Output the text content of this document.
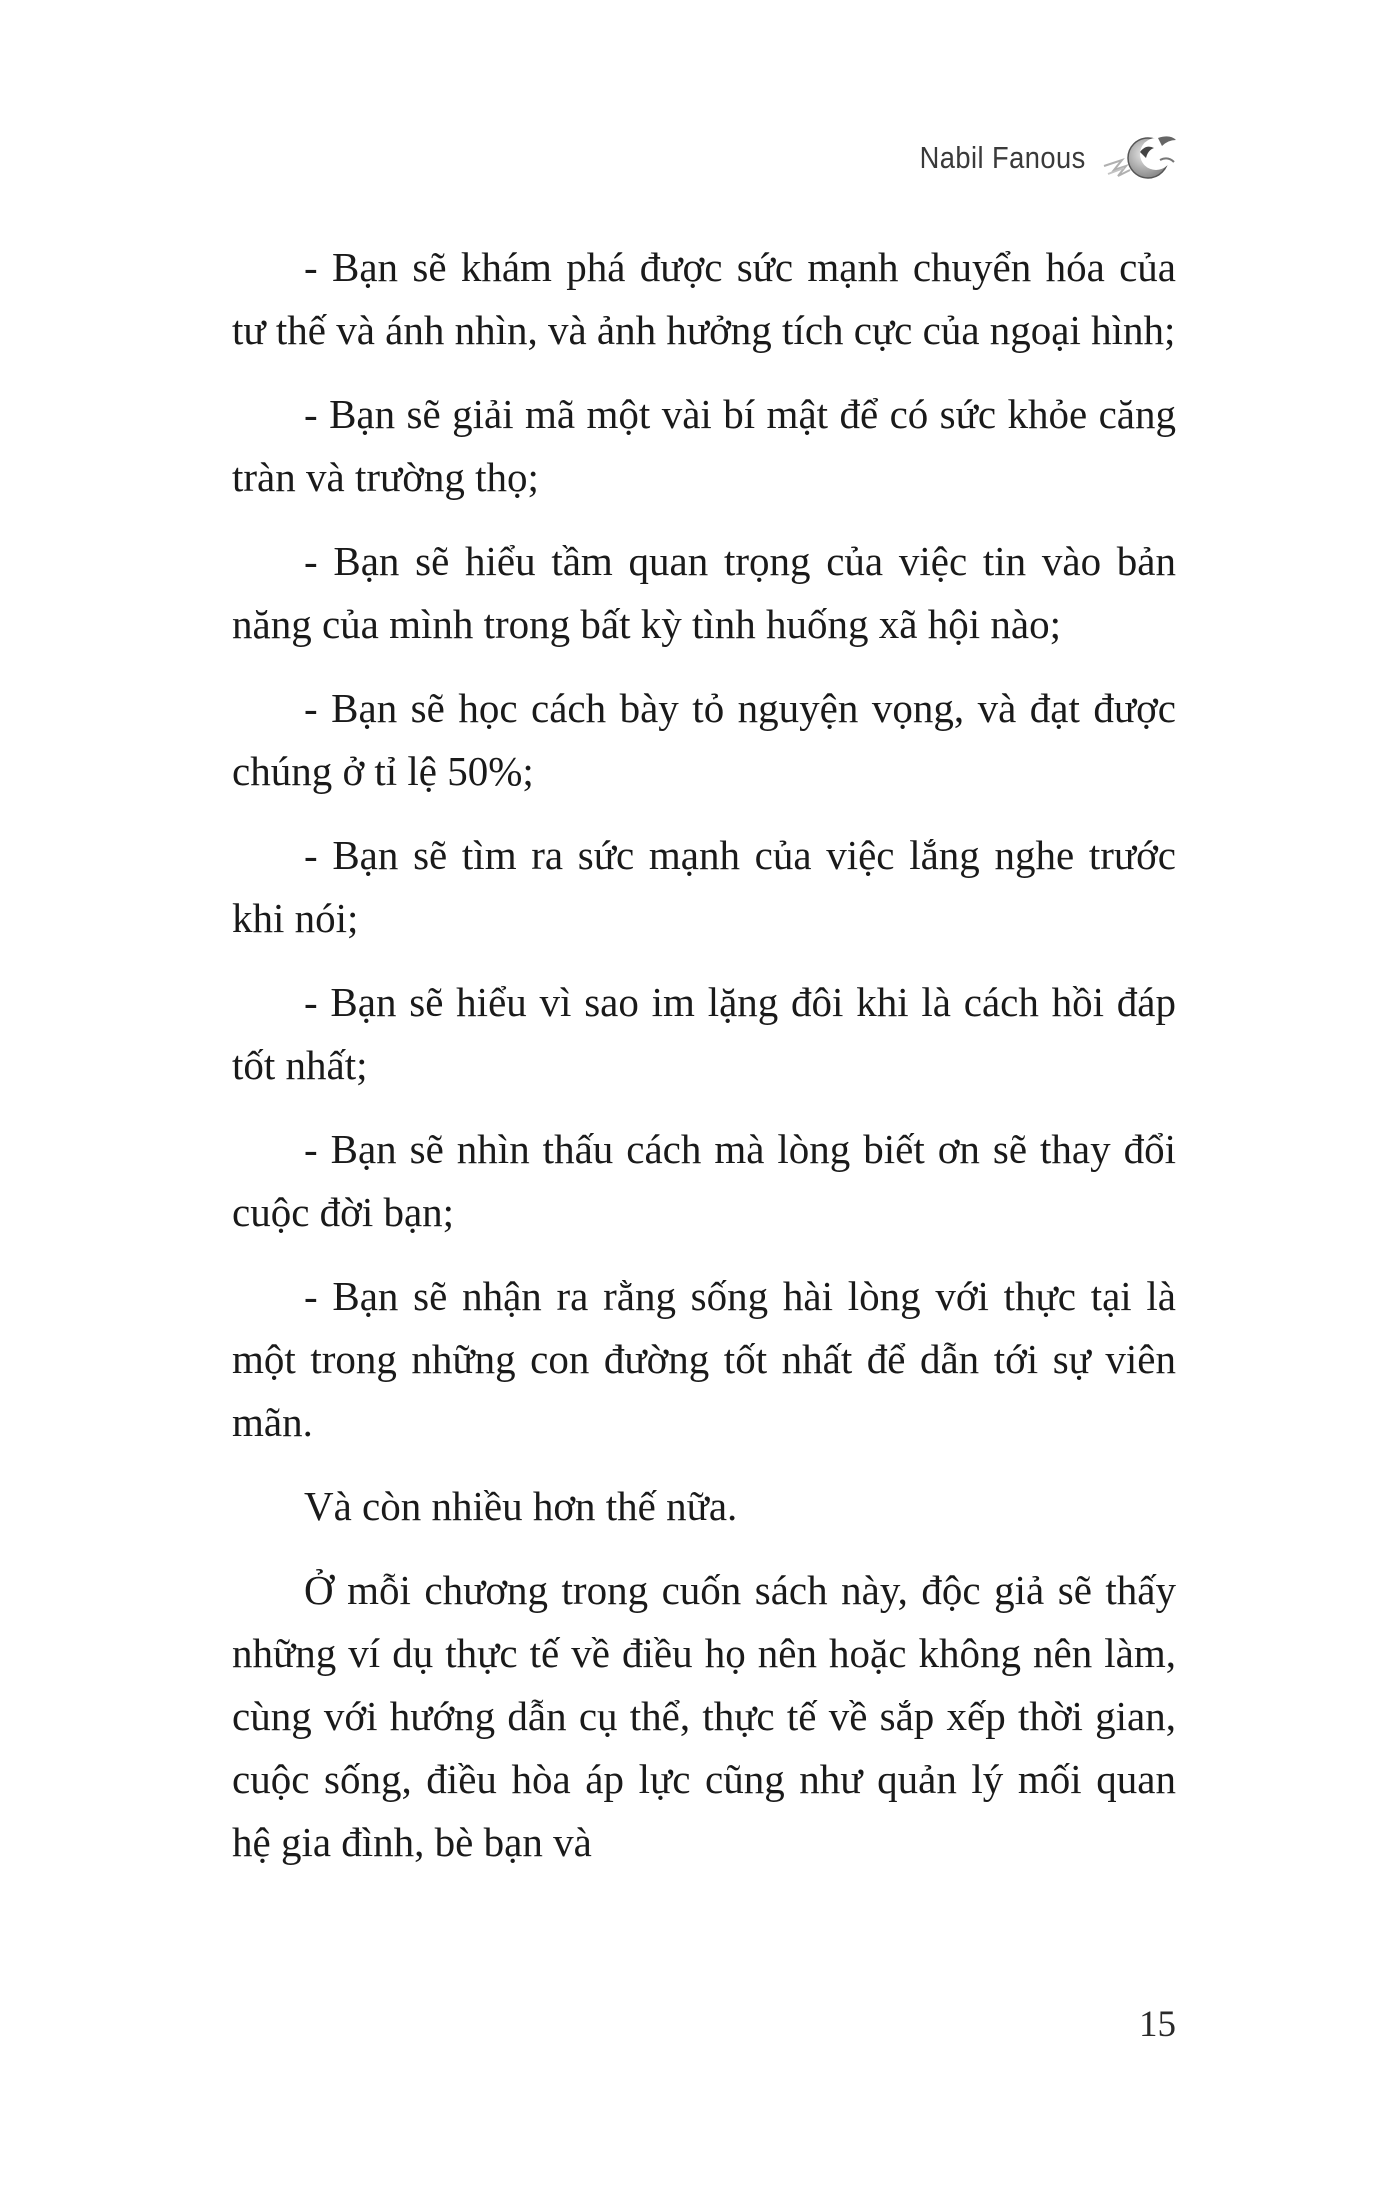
Nabil Fanous

- Bạn sẽ khám phá được sức mạnh chuyển hóa của tư thế và ánh nhìn, và ảnh hưởng tích cực của ngoại hình;

- Bạn sẽ giải mã một vài bí mật để có sức khỏe căng tràn và trường thọ;

- Bạn sẽ hiểu tầm quan trọng của việc tin vào bản năng của mình trong bất kỳ tình huống xã hội nào;

- Bạn sẽ học cách bày tỏ nguyện vọng, và đạt được chúng ở tỉ lệ 50%;

- Bạn sẽ tìm ra sức mạnh của việc lắng nghe trước khi nói;

- Bạn sẽ hiểu vì sao im lặng đôi khi là cách hồi đáp tốt nhất;

- Bạn sẽ nhìn thấu cách mà lòng biết ơn sẽ thay đổi cuộc đời bạn;

- Bạn sẽ nhận ra rằng sống hài lòng với thực tại là một trong những con đường tốt nhất để dẫn tới sự viên mãn.

Và còn nhiều hơn thế nữa.

Ở mỗi chương trong cuốn sách này, độc giả sẽ thấy những ví dụ thực tế về điều họ nên hoặc không nên làm, cùng với hướng dẫn cụ thể, thực tế về sắp xếp thời gian, cuộc sống, điều hòa áp lực cũng như quản lý mối quan hệ gia đình, bè bạn và

15
